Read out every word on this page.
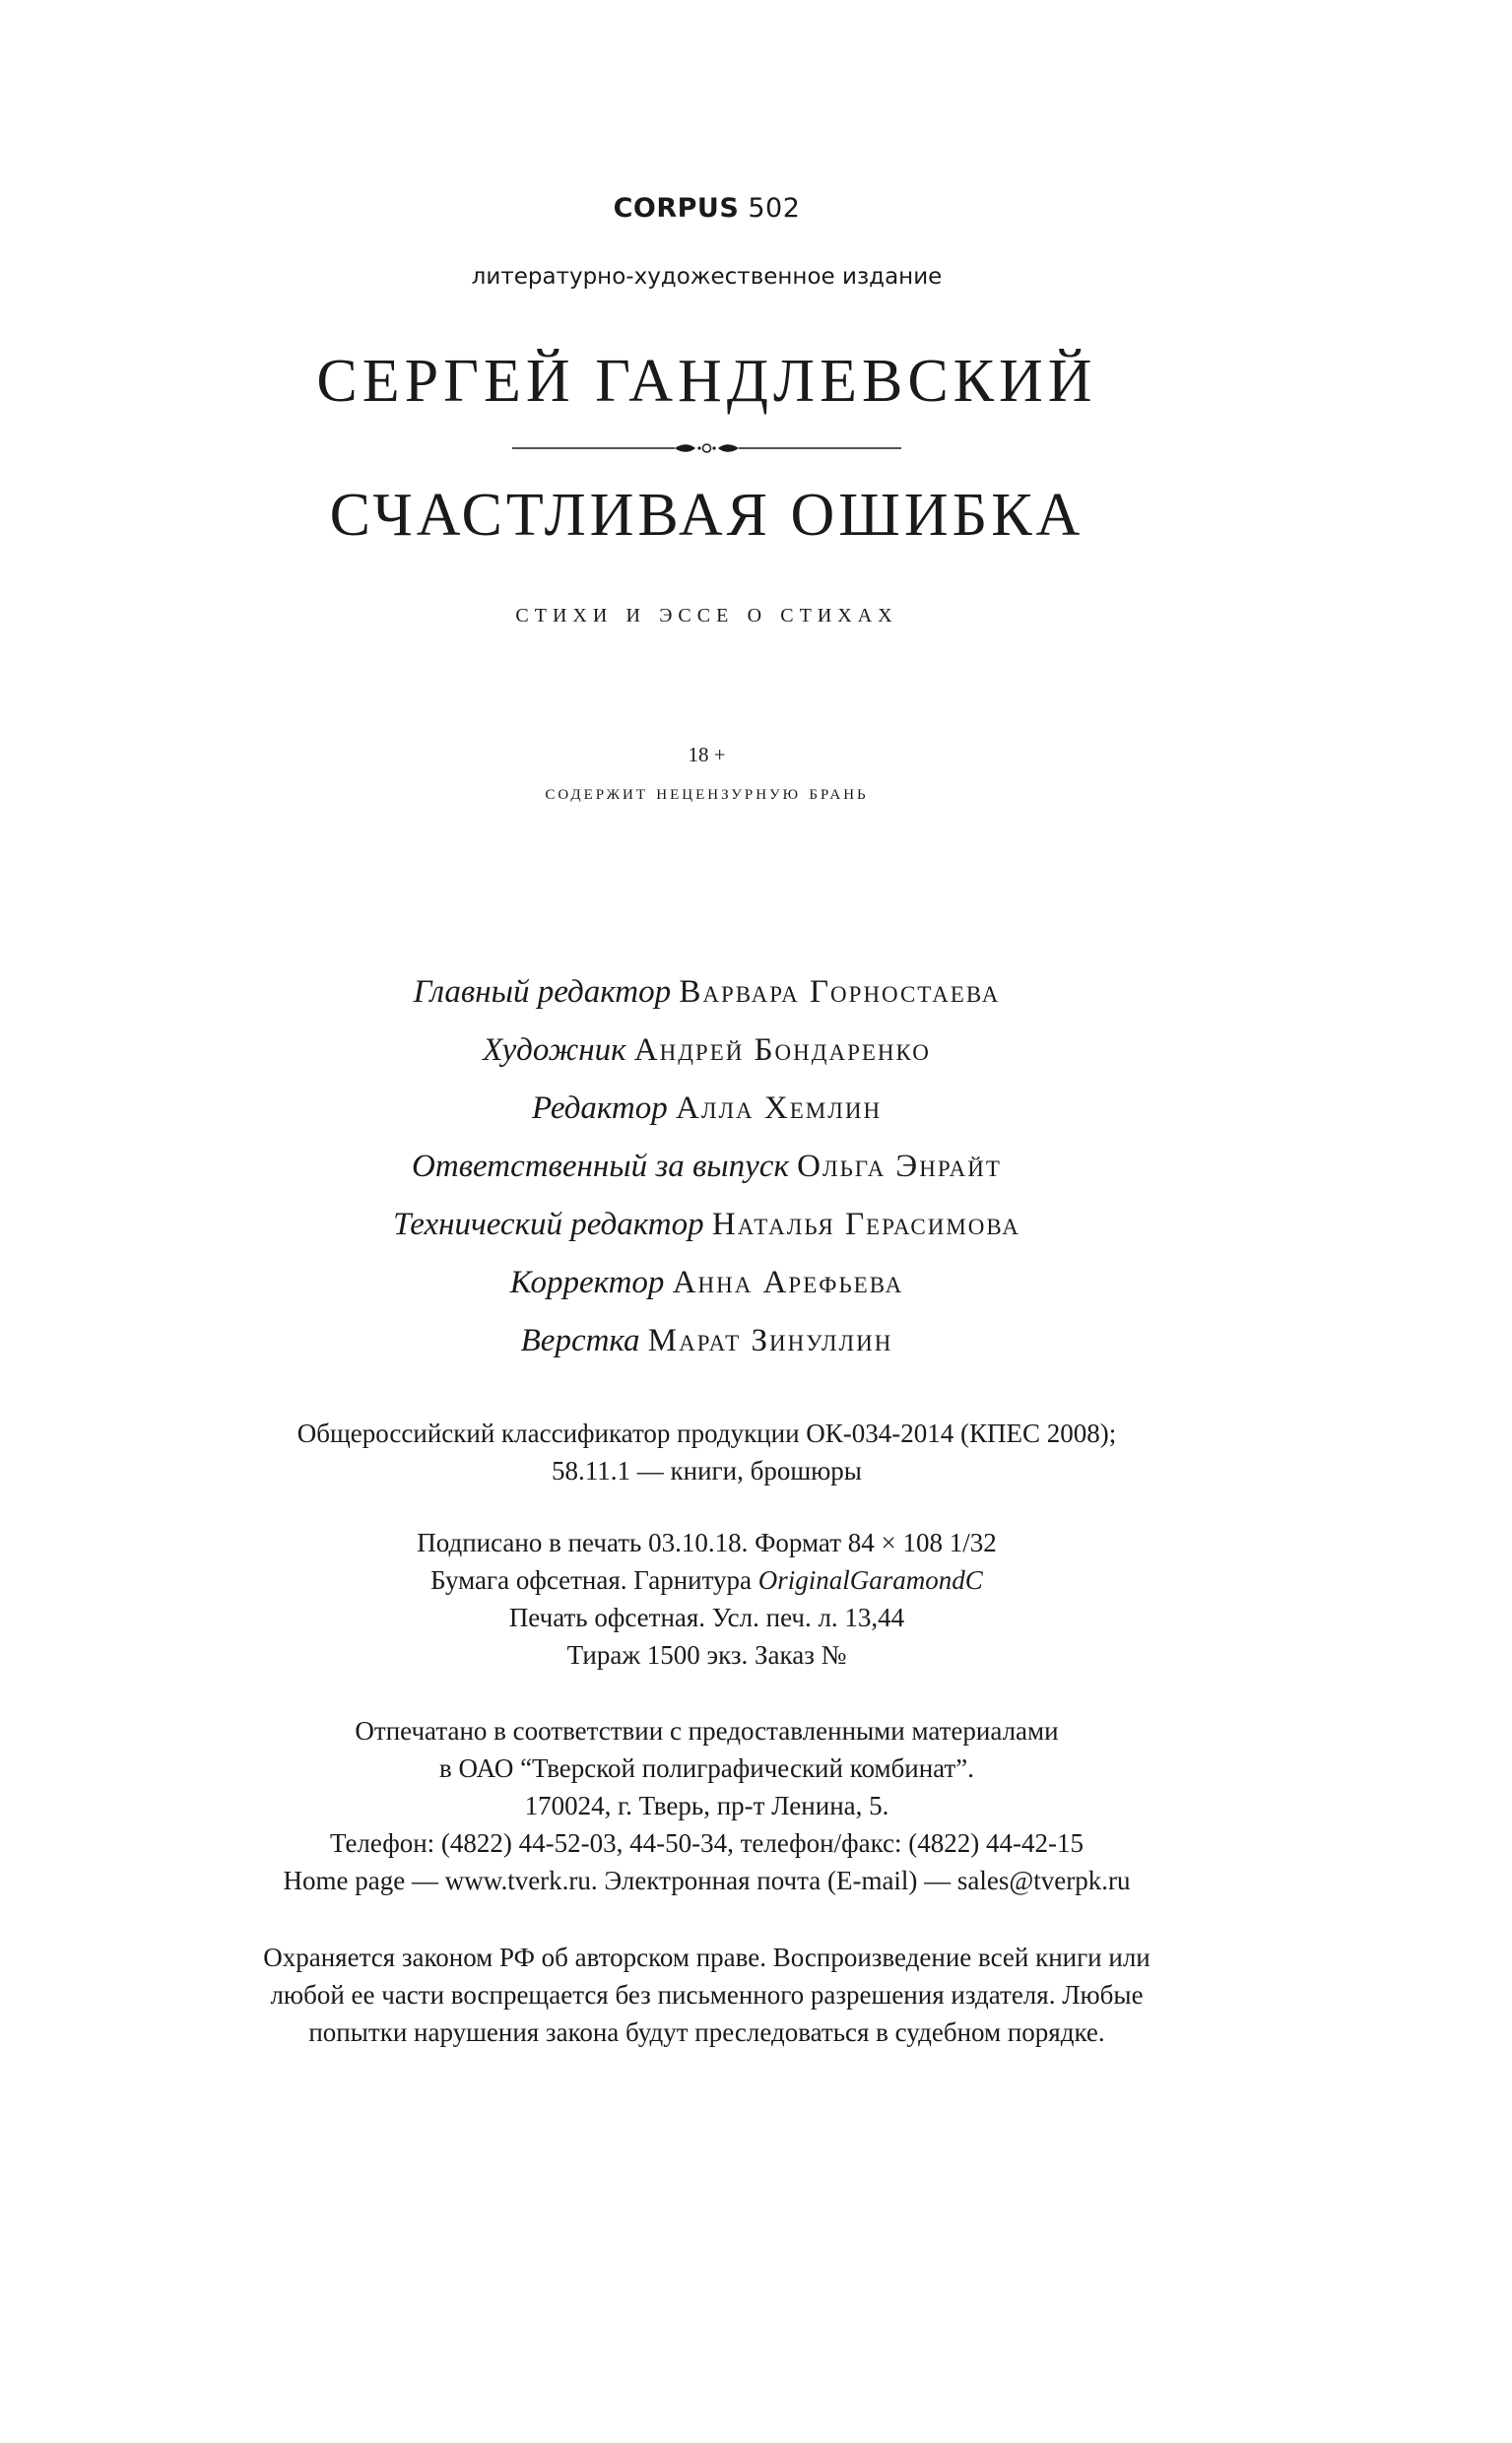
CORPUS 502
литературно-художественное издание
СЕРГЕЙ ГАНДЛЕВСКИЙ
СЧАСТЛИВАЯ ОШИБКА
стихи и эссе о стихах
18 +
содержит нецензурную брань
Главный редактор Варвара Горностаева
Художник Андрей Бондаренко
Редактор Алла Хемлин
Ответственный за выпуск Ольга Энрайт
Технический редактор Наталья Герасимова
Корректор Анна Арефьева
Верстка Марат Зинуллин
Общероссийский классификатор продукции ОК-034-2014 (КПЕС 2008);
58.11.1 — книги, брошюры
Подписано в печать 03.10.18. Формат 84 × 108 1/32
Бумага офсетная. Гарнитура OriginalGaramondC
Печать офсетная. Усл. печ. л. 13,44
Тираж 1500 экз. Заказ №
Отпечатано в соответствии с предоставленными материалами
в ОАО “Тверской полиграфический комбинат”.
170024, г. Тверь, пр-т Ленина, 5.
Телефон: (4822) 44-52-03, 44-50-34, телефон/факс: (4822) 44-42-15
Home page — www.tverk.ru. Электронная почта (E-mail) — sales@tverpk.ru
Охраняется законом РФ об авторском праве. Воспроизведение всей книги или
любой ее части воспрещается без письменного разрешения издателя. Любые
попытки нарушения закона будут преследоваться в судебном порядке.
